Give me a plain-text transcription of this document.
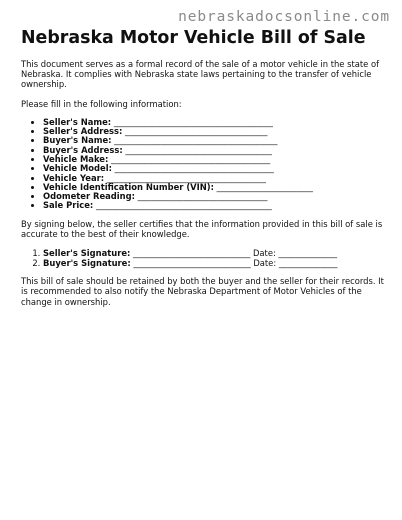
nebraskadocsonline.com
Nebraska Motor Vehicle Bill of Sale

This document serves as a formal record of the sale of a motor vehicle in the state of Nebraska. It complies with Nebraska state laws pertaining to the transfer of vehicle ownership.

Please fill in the following information:

• Seller's Name: ______________________________________
• Seller's Address: __________________________________
• Buyer's Name: _______________________________________
• Buyer's Address: ___________________________________
• Vehicle Make: ______________________________________
• Vehicle Model: ______________________________________
• Vehicle Year: ______________________________________
• Vehicle Identification Number (VIN): _______________________
• Odometer Reading: _______________________________
• Sale Price: __________________________________________

By signing below, the seller certifies that the information provided in this bill of sale is accurate to the best of their knowledge.

1. Seller's Signature: ____________________________ Date: ______________
2. Buyer's Signature: ____________________________ Date: ______________

This bill of sale should be retained by both the buyer and the seller for their records. It is recommended to also notify the Nebraska Department of Motor Vehicles of the change in ownership.
